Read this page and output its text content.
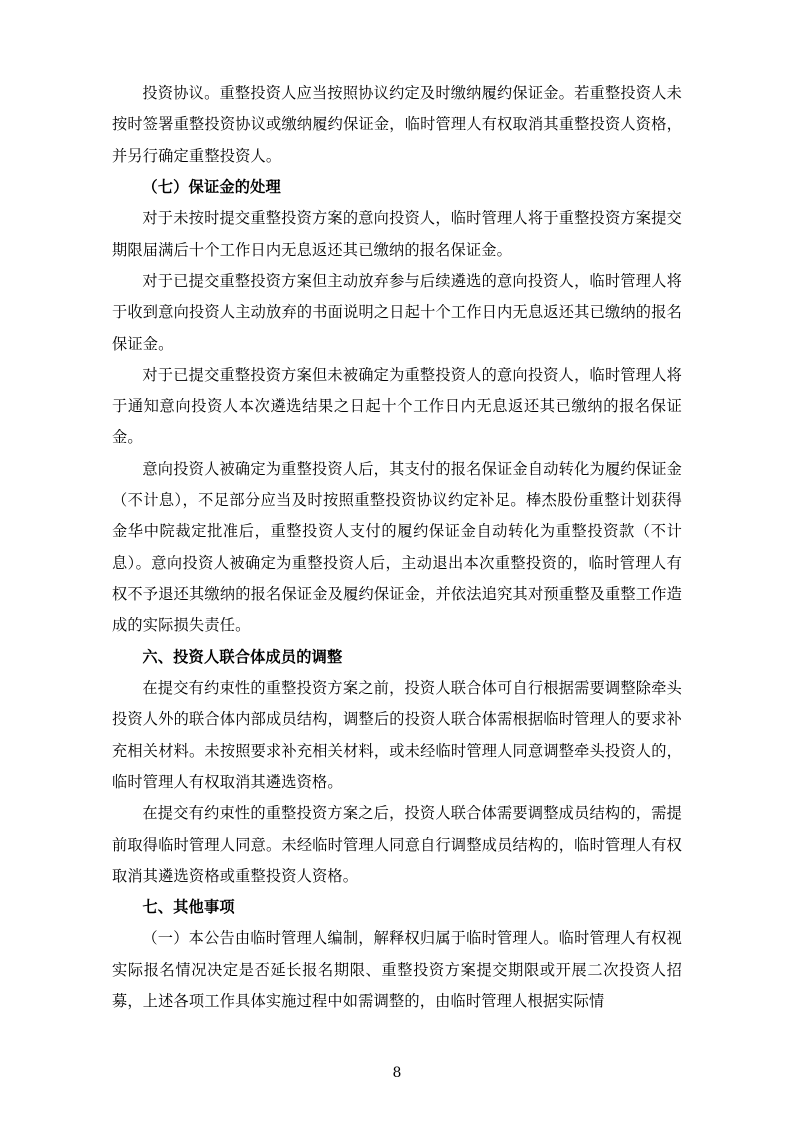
投资协议。重整投资人应当按照协议约定及时缴纳履约保证金。若重整投资人未按时签署重整投资协议或缴纳履约保证金，临时管理人有权取消其重整投资人资格，并另行确定重整投资人。

（七）保证金的处理

对于未按时提交重整投资方案的意向投资人，临时管理人将于重整投资方案提交期限届满后十个工作日内无息返还其已缴纳的报名保证金。

对于已提交重整投资方案但主动放弃参与后续遴选的意向投资人，临时管理人将于收到意向投资人主动放弃的书面说明之日起十个工作日内无息返还其已缴纳的报名保证金。

对于已提交重整投资方案但未被确定为重整投资人的意向投资人，临时管理人将于通知意向投资人本次遴选结果之日起十个工作日内无息返还其已缴纳的报名保证金。

意向投资人被确定为重整投资人后，其支付的报名保证金自动转化为履约保证金（不计息），不足部分应当及时按照重整投资协议约定补足。棒杰股份重整计划获得金华中院裁定批准后，重整投资人支付的履约保证金自动转化为重整投资款（不计息）。意向投资人被确定为重整投资人后，主动退出本次重整投资的，临时管理人有权不予退还其缴纳的报名保证金及履约保证金，并依法追究其对预重整及重整工作造成的实际损失责任。

六、投资人联合体成员的调整

在提交有约束性的重整投资方案之前，投资人联合体可自行根据需要调整除牵头投资人外的联合体内部成员结构，调整后的投资人联合体需根据临时管理人的要求补充相关材料。未按照要求补充相关材料，或未经临时管理人同意调整牵头投资人的，临时管理人有权取消其遴选资格。

在提交有约束性的重整投资方案之后，投资人联合体需要调整成员结构的，需提前取得临时管理人同意。未经临时管理人同意自行调整成员结构的，临时管理人有权取消其遴选资格或重整投资人资格。

七、其他事项

（一）本公告由临时管理人编制，解释权归属于临时管理人。临时管理人有权视实际报名情况决定是否延长报名期限、重整投资方案提交期限或开展二次投资人招募，上述各项工作具体实施过程中如需调整的，由临时管理人根据实际情

8
